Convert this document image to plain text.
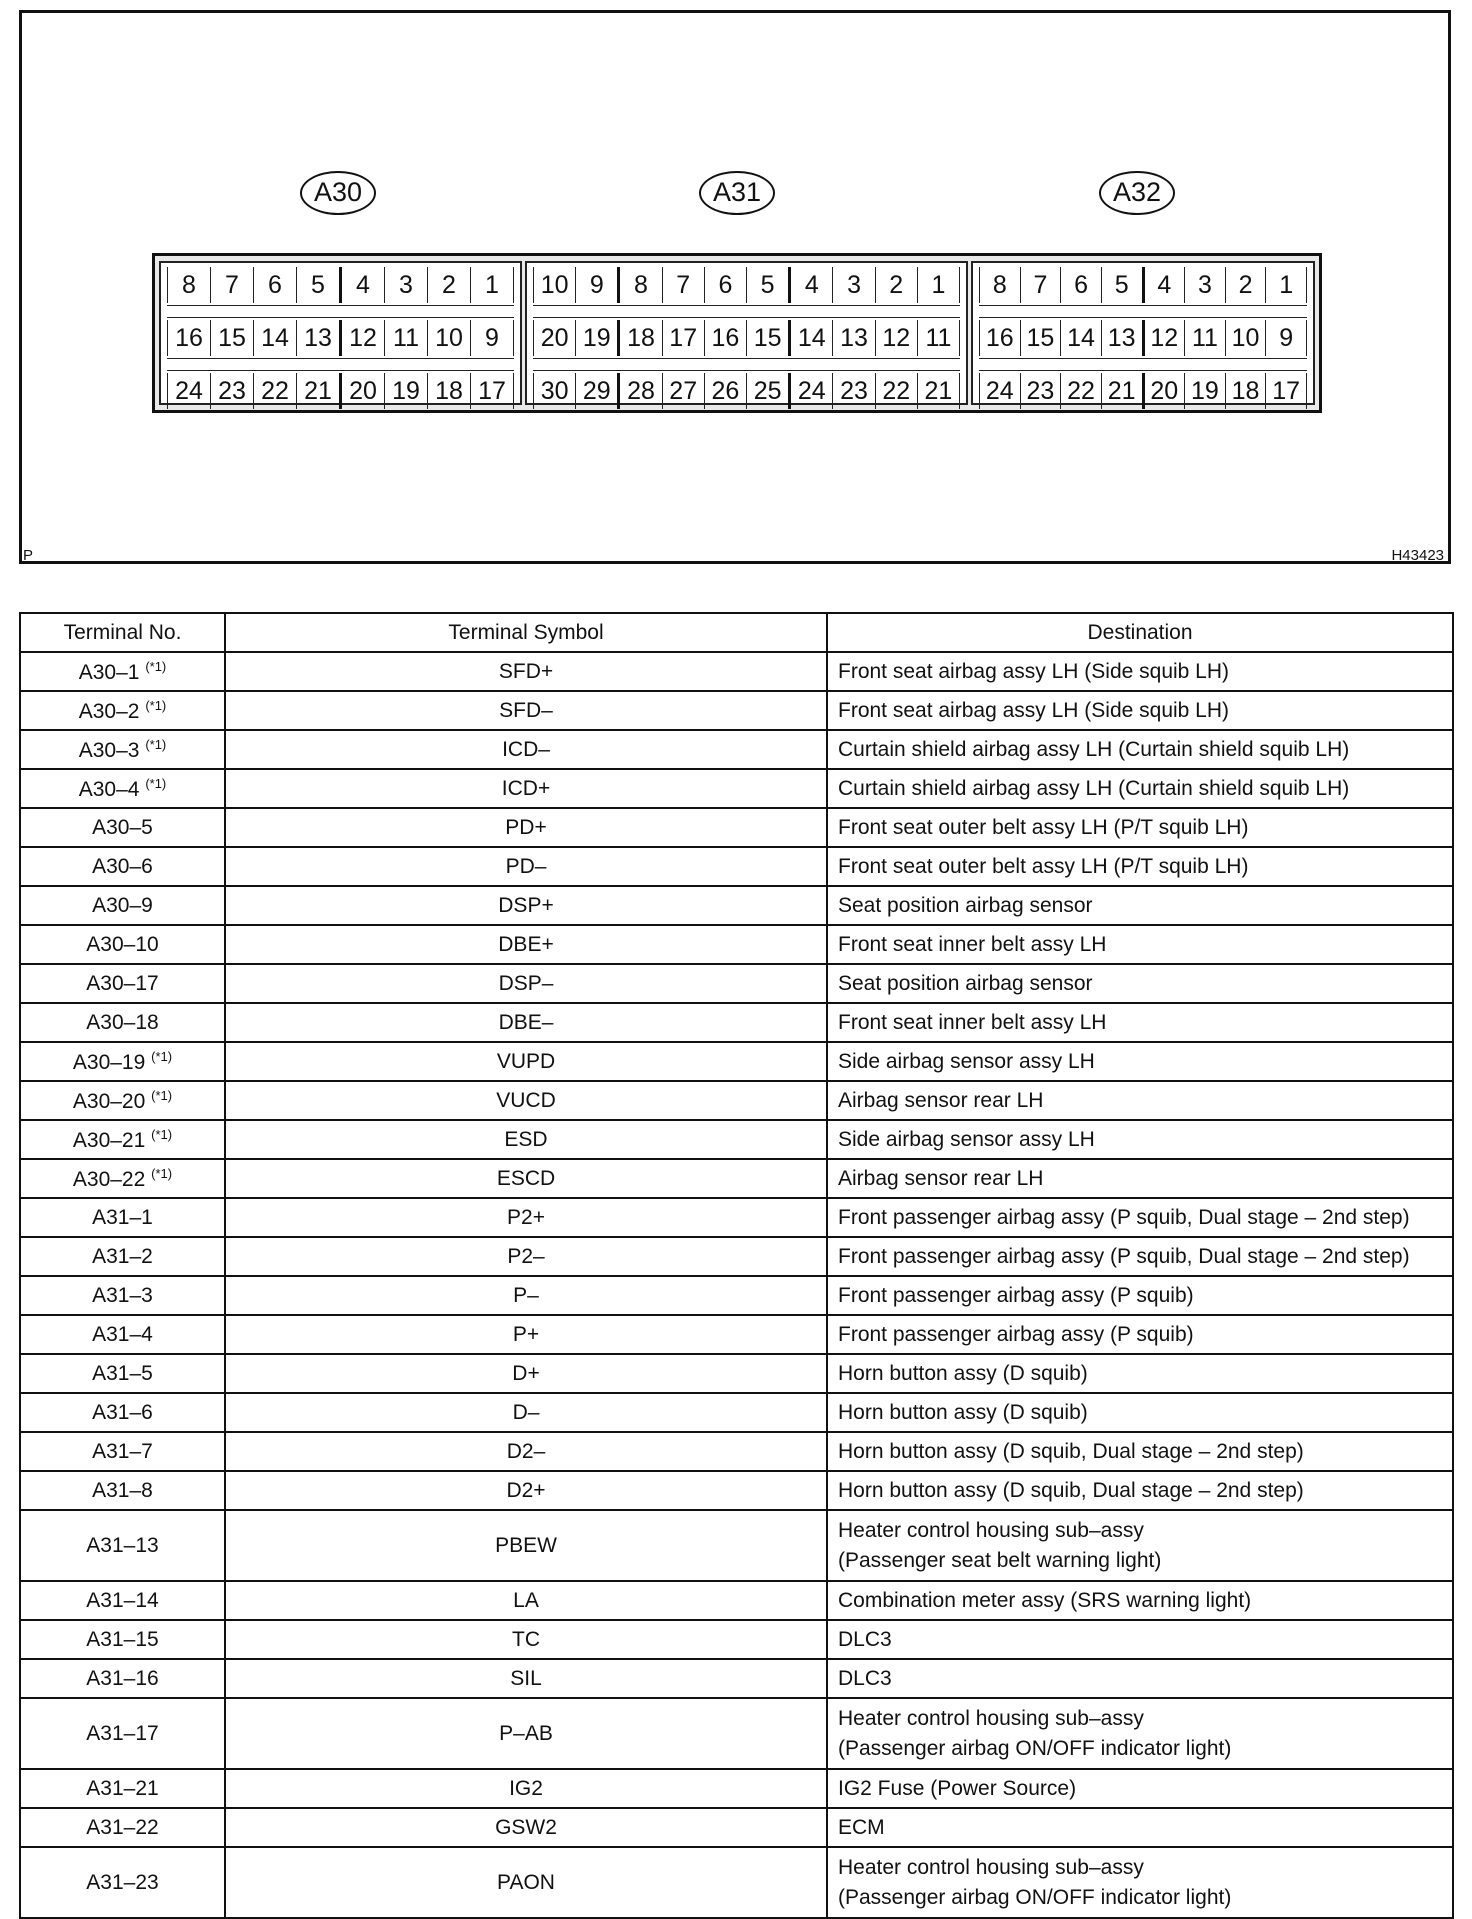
A30	A31	A32
8	7	6	5	4	3	2	1
16 15 14 13 12 11 10 9
24 23 22 21 20 19 18 17
10 9	8	7	6	5	4	3	2	1
20 19 18 17 16 15 14 13 12 11
30 29 28 27 26 25 24 23 22 21
8	7	6	5	4	3	2	1
16 15 14 13 12 11 10 9
24 23 22 21 20 19 18 17
P	H43423
Terminal No.	Terminal Symbol	Destination
A30–1 $^{(*1)}$	SFD+	Front seat airbag assy LH (Side squib LH)

A30–2 $^{(*1)}$	SFD–	Front seat airbag assy LH (Side squib LH)

A30–3 $^{(*1)}$	ICD–	Curtain shield airbag assy LH (Curtain shield squib LH)

A30–4 $^{(*1)}$	ICD+	Curtain shield airbag assy LH (Curtain shield squib LH)

A30–5	PD+	Front seat outer belt assy LH (P/T squib LH)

A30–6	PD–	Front seat outer belt assy LH (P/T squib LH)

A30–9	DSP+	Seat position airbag sensor

A30–10	DBE+	Front seat inner belt assy LH

A30–17	DSP–	Seat position airbag sensor

A30–18	DBE–	Front seat inner belt assy LH

A30–19 $^{(*1)}$	VUPD	Side airbag sensor assy LH

A30–20 $^{(*1)}$	VUCD	Airbag sensor rear LH

A30–21 $^{(*1)}$	ESD	Side airbag sensor assy LH

A30–22 $^{(*1)}$	ESCD	Airbag sensor rear LH

A31–1	P2+	Front passenger airbag assy (P squib, Dual stage – 2nd step)

A31–2	P2–	Front passenger airbag assy (P squib, Dual stage – 2nd step)

A31–3	P–	Front passenger airbag assy (P squib)

A31–4	P+	Front passenger airbag assy (P squib)

A31–5	D+	Horn button assy (D squib)

A31–6	D–	Horn button assy (D squib)

A31–7	D2–	Horn button assy (D squib, Dual stage – 2nd step)

A31–8	D2+	Horn button assy (D squib, Dual stage – 2nd step)

A31–13	PBEW	Heater control housing sub–assy
(Passenger seat belt warning light)

A31–14	LA	Combination meter assy (SRS warning light)

A31–15	TC	DLC3

A31–16	SIL	DLC3

A31–17	P–AB	Heater control housing sub–assy
(Passenger airbag ON/OFF indicator light)

A31–21	IG2	IG2 Fuse (Power Source)

A31–22	GSW2	ECM

A31–23	PAON	Heater control housing sub–assy
(Passenger airbag ON/OFF indicator light)
